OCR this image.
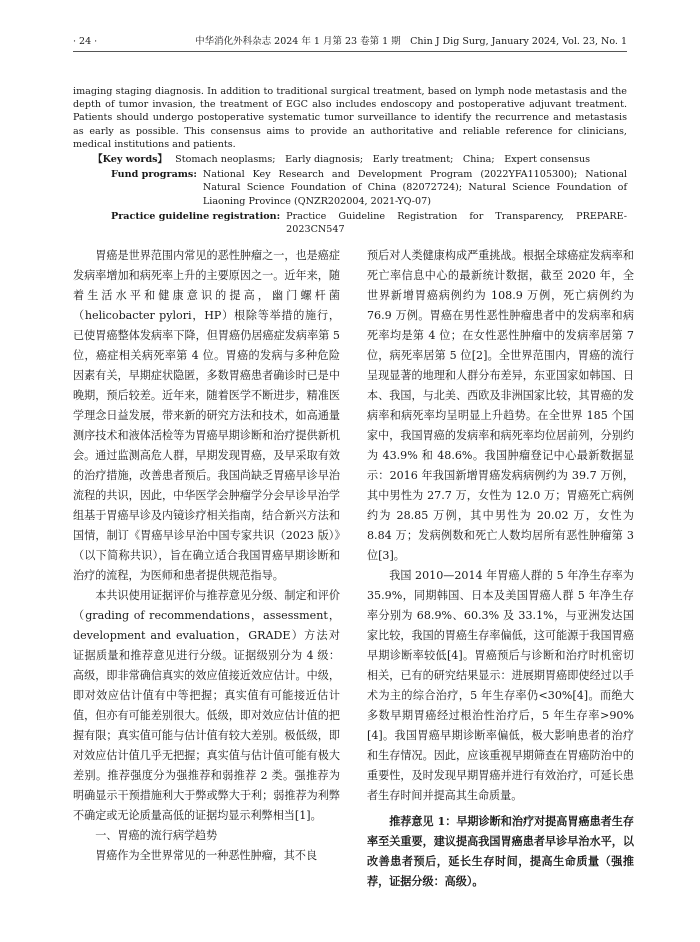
· 24 ·	中华消化外科杂志 2024 年 1 月第 23 卷第 1 期　Chin J Dig Surg, January 2024, Vol. 23, No. 1

imaging staging diagnosis. In addition to traditional surgical treatment, based on lymph node metastasis and the depth of tumor invasion, the treatment of EGC also includes endoscopy and postoperative adjuvant treatment. Patients should undergo postoperative systematic tumor surveillance to identify the recurrence and metastasis as early as possible. This consensus aims to provide an authoritative and reliable reference for clinicians, medical institutions and patients.

【Key words】 Stomach neoplasms;　Early diagnosis;　Early treatment;　China;　Expert consensus
Fund programs: National Key Research and Development Program (2022YFA1105300); National Natural Science Foundation of China (82072724); Natural Science Foundation of Liaoning Province (QNZR202004, 2021-YQ-07)
Practice guideline registration: Practice Guideline Registration for Transparency, PREPARE-2023CN547

胃癌是世界范围内常见的恶性肿瘤之一，也是癌症发病率增加和病死率上升的主要原因之一。近年来，随着生活水平和健康意识的提高，幽门螺杆菌（helicobacter pylori，HP）根除等举措的施行，已使胃癌整体发病率下降，但胃癌仍居癌症发病率第 5 位，癌症相关病死率第 4 位。胃癌的发病与多种危险因素有关，早期症状隐匿，多数胃癌患者确诊时已是中晚期，预后较差。近年来，随着医学不断进步，精准医学理念日益发展，带来新的研究方法和技术，如高通量测序技术和液体活检等为胃癌早期诊断和治疗提供新机会。通过监测高危人群，早期发现胃癌，及早采取有效的治疗措施，改善患者预后。我国尚缺乏胃癌早诊早治流程的共识，因此，中华医学会肿瘤学分会早诊早治学组基于胃癌早诊及内镜诊疗相关指南，结合新兴方法和国情，制订《胃癌早诊早治中国专家共识（2023 版）》（以下简称共识），旨在确立适合我国胃癌早期诊断和治疗的流程，为医师和患者提供规范指导。

本共识使用证据评价与推荐意见分级、制定和评价（grading of recommendations，assessment，development and evaluation，GRADE）方法对证据质量和推荐意见进行分级。证据级别分为 4 级：高级，即非常确信真实的效应值接近效应估计。中级，即对效应估计值有中等把握；真实值有可能接近估计值，但亦有可能差别很大。低级，即对效应估计值的把握有限；真实值可能与估计值有较大差别。极低级，即对效应估计值几乎无把握；真实值与估计值可能有极大差别。推荐强度分为强推荐和弱推荐 2 类。强推荐为明确显示干预措施利大于弊或弊大于利；弱推荐为利弊不确定或无论质量高低的证据均显示利弊相当[1]。

一、胃癌的流行病学趋势

胃癌作为全世界常见的一种恶性肿瘤，其不良

预后对人类健康构成严重挑战。根据全球癌症发病率和死亡率信息中心的最新统计数据，截至 2020 年，全世界新增胃癌病例约为 108.9 万例，死亡病例约为 76.9 万例。胃癌在男性恶性肿瘤患者中的发病率和病死率均是第 4 位；在女性恶性肿瘤中的发病率居第 7 位，病死率居第 5 位[2]。全世界范围内，胃癌的流行呈现显著的地理和人群分布差异，东亚国家如韩国、日本、我国，与北美、西欧及非洲国家比较，其胃癌的发病率和病死率均呈明显上升趋势。在全世界 185 个国家中，我国胃癌的发病率和病死率均位居前列，分别约为 43.9% 和 48.6%。我国肿瘤登记中心最新数据显示：2016 年我国新增胃癌发病病例约为 39.7 万例，其中男性为 27.7 万，女性为 12.0 万；胃癌死亡病例约为 28.85 万例，其中男性为 20.02 万，女性为 8.84 万；发病例数和死亡人数均居所有恶性肿瘤第 3 位[3]。

我国 2010—2014 年胃癌人群的 5 年净生存率为 35.9%，同期韩国、日本及美国胃癌人群 5 年净生存率分别为 68.9%、60.3% 及 33.1%，与亚洲发达国家比较，我国的胃癌生存率偏低，这可能源于我国胃癌早期诊断率较低[4]。胃癌预后与诊断和治疗时机密切相关，已有的研究结果显示：进展期胃癌即使经过以手术为主的综合治疗，5 年生存率仍<30%[4]。而绝大多数早期胃癌经过根治性治疗后，5 年生存率>90%[4]。我国胃癌早期诊断率偏低，极大影响患者的治疗和生存情况。因此，应该重视早期筛查在胃癌防治中的重要性，及时发现早期胃癌并进行有效治疗，可延长患者生存时间并提高其生命质量。

推荐意见 1：早期诊断和治疗对提高胃癌患者生存率至关重要，建议提高我国胃癌患者早诊早治水平，以改善患者预后，延长生存时间，提高生命质量（强推荐，证据分级：高级）。
